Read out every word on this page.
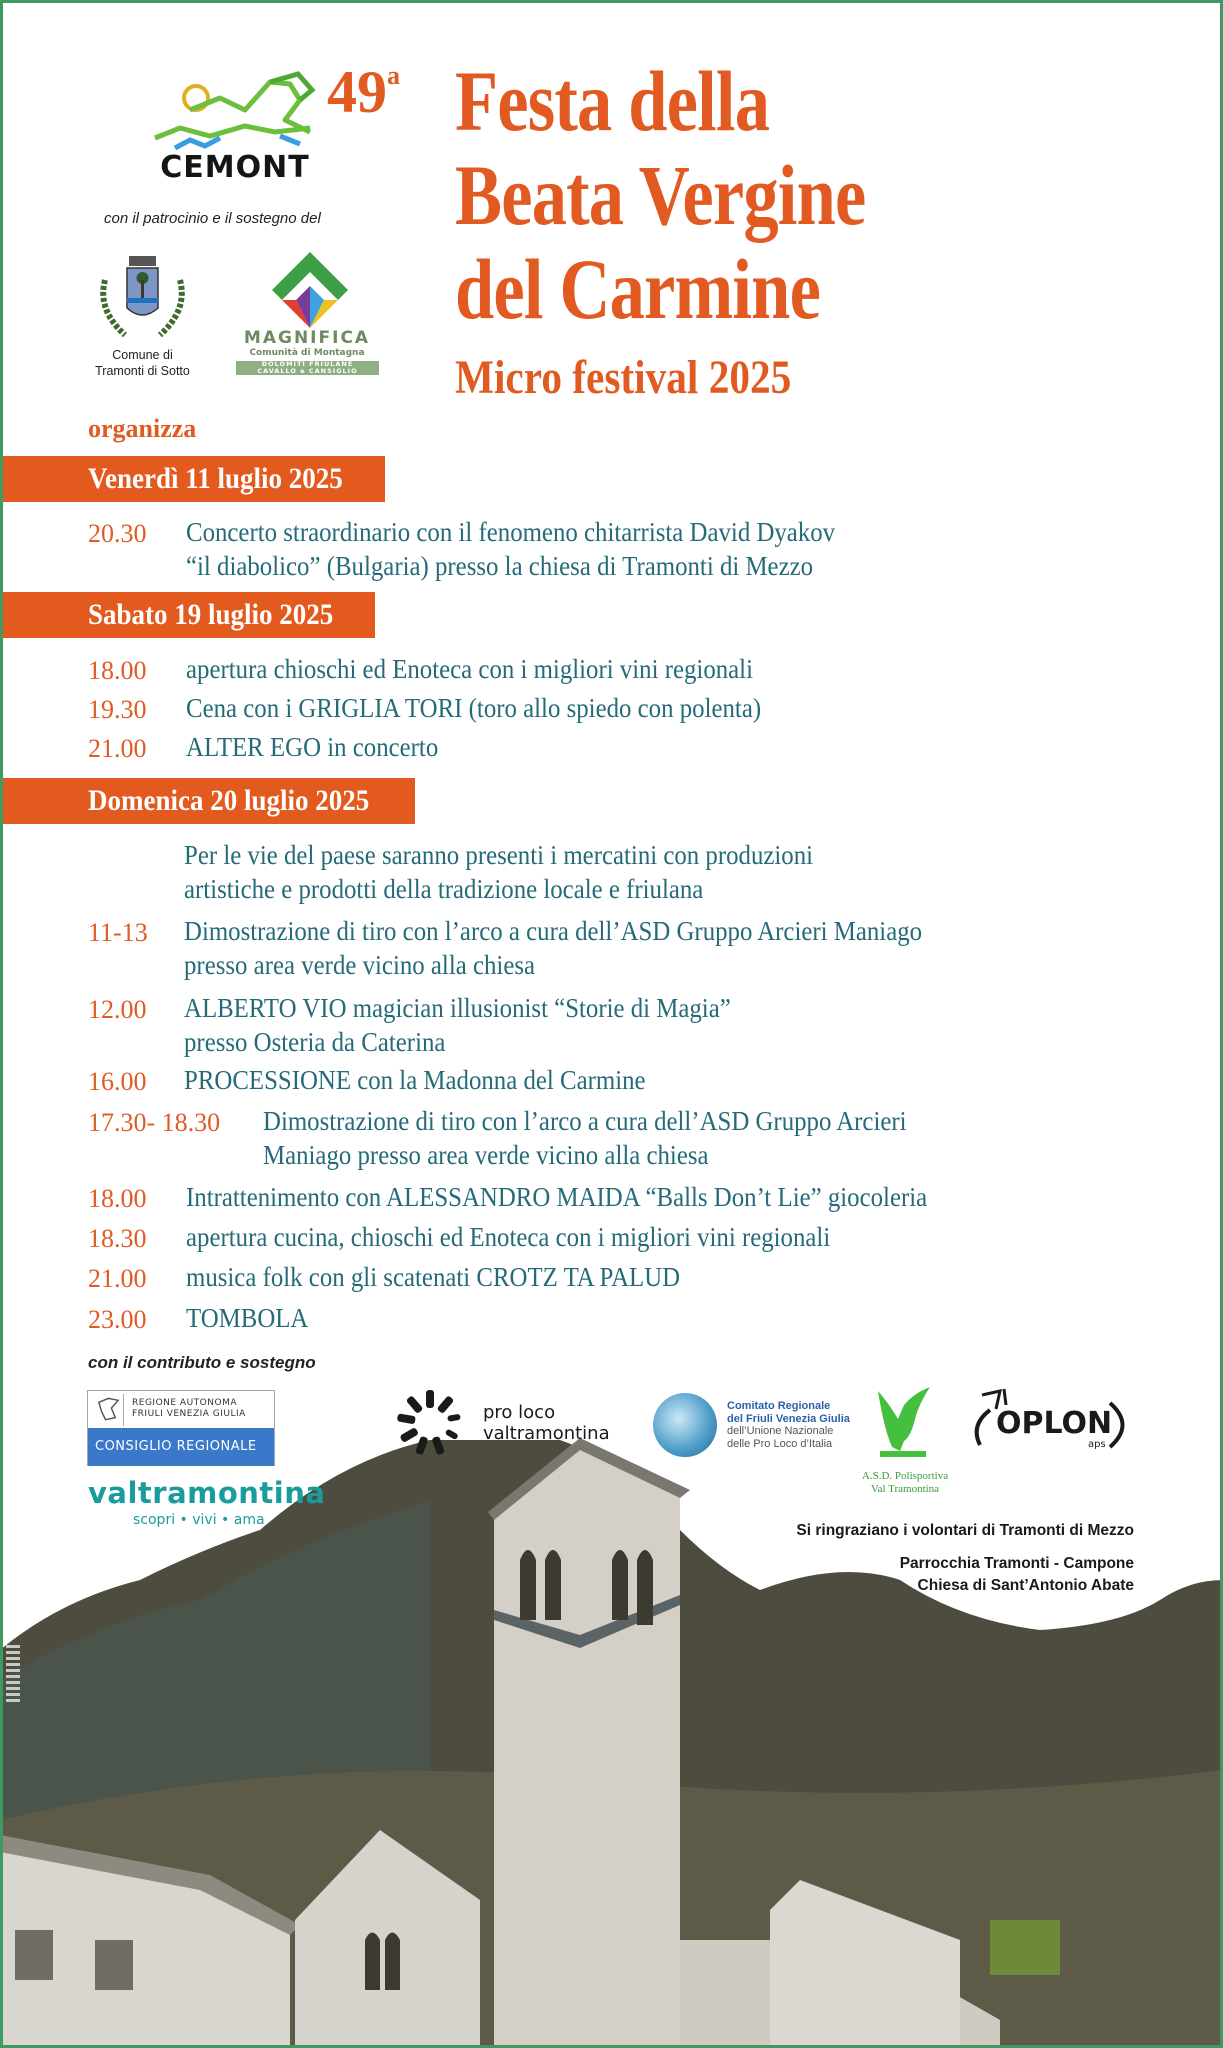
CEMONT
con il patrocinio e il sostegno del
Comune di
Tramonti di Sotto
MAGNIFICA
Comunità di Montagna
DOLOMITI FRIULANE
CAVALLO e CANSIGLIO
49$^a$ Festa della
Beata Vergine
del Carmine
Micro festival 2025
organizza
Venerdì 11 luglio 2025
20.30 Concerto straordinario con il fenomeno chitarrista David Dyakov
“il diabolico” (Bulgaria) presso la chiesa di Tramonti di Mezzo
Sabato 19 luglio 2025
18.00 apertura chioschi ed Enoteca con i migliori vini regionali
19.30 Cena con i GRIGLIA TORI (toro allo spiedo con polenta)
21.00 ALTER EGO in concerto
Domenica 20 luglio 2025
Per le vie del paese saranno presenti i mercatini con produzioni
artistiche e prodotti della tradizione locale e friulana
11-13 Dimostrazione di tiro con l’arco a cura dell’ASD Gruppo Arcieri Maniago
presso area verde vicino alla chiesa
12.00 ALBERTO VIO magician illusionist “Storie di Magia”
presso Osteria da Caterina
16.00 PROCESSIONE con la Madonna del Carmine
17.30- 18.30 Dimostrazione di tiro con l’arco a cura dell’ASD Gruppo Arcieri
Maniago presso area verde vicino alla chiesa
18.00 Intrattenimento con ALESSANDRO MAIDA “Balls Don’t Lie” giocoleria
18.30 apertura cucina, chioschi ed Enoteca con i migliori vini regionali
21.00 musica folk con gli scatenati CROTZ TA PALUD
23.00 TOMBOLA
con il contributo e sostegno
REGIONE AUTONOMA
FRIULI VENEZIA GIULIA
CONSIGLIO REGIONALE
valtramontina
scopri • vivi • ama
pro loco
valtramontina
Comitato Regionale
del Friuli Venezia Giulia
dell’Unione Nazionale
delle Pro Loco d’Italia
A.S.D. Polisportiva
Val Tramontina
OPLON
aps
Si ringraziano i volontari di Tramonti di Mezzo
Parrocchia Tramonti - Campone
Chiesa di Sant’Antonio Abate
